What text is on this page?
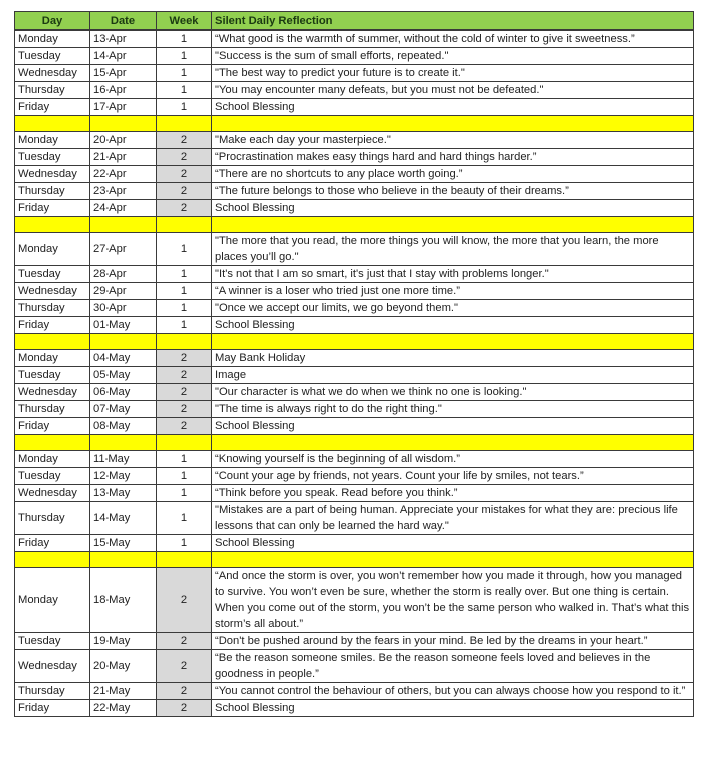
Day	Date	Week	Silent Daily Reflection
Monday	13-Apr	1	“What good is the warmth of summer, without the cold of winter to give it sweetness.”
Tuesday	14-Apr	1	"Success is the sum of small efforts, repeated."
Wednesday	15-Apr	1	"The best way to predict your future is to create it."
Thursday	16-Apr	1	"You may encounter many defeats, but you must not be defeated."
Friday	17-Apr	1	School Blessing

Monday	20-Apr	2	"Make each day your masterpiece."
Tuesday	21-Apr	2	“Procrastination makes easy things hard and hard things harder.”
Wednesday	22-Apr	2	“There are no shortcuts to any place worth going.”
Thursday	23-Apr	2	“The future belongs to those who believe in the beauty of their dreams.”
Friday	24-Apr	2	School Blessing

Monday	27-Apr	1	"The more that you read, the more things you will know, the more that you learn, the more places you’ll go."
Tuesday	28-Apr	1	"It's not that I am so smart, it's just that I stay with problems longer."
Wednesday	29-Apr	1	“A winner is a loser who tried just one more time.”
Thursday	30-Apr	1	"Once we accept our limits, we go beyond them."
Friday	01-May	1	School Blessing

Monday	04-May	2	May Bank Holiday
Tuesday	05-May	2	Image
Wednesday	06-May	2	"Our character is what we do when we think no one is looking."
Thursday	07-May	2	"The time is always right to do the right thing."
Friday	08-May	2	School Blessing

Monday	11-May	1	“Knowing yourself is the beginning of all wisdom.”
Tuesday	12-May	1	“Count your age by friends, not years. Count your life by smiles, not tears.”
Wednesday	13-May	1	“Think before you speak. Read before you think.”
Thursday	14-May	1	"Mistakes are a part of being human. Appreciate your mistakes for what they are: precious life lessons that can only be learned the hard way."
Friday	15-May	1	School Blessing

Monday	18-May	2	“And once the storm is over, you won’t remember how you made it through, how you managed to survive. You won’t even be sure, whether the storm is really over. But one thing is certain. When you come out of the storm, you won’t be the same person who walked in. That’s what this storm’s all about.”
Tuesday	19-May	2	“Don't be pushed around by the fears in your mind. Be led by the dreams in your heart.”
Wednesday	20-May	2	“Be the reason someone smiles. Be the reason someone feels loved and believes in the goodness in people.”
Thursday	21-May	2	“You cannot control the behaviour of others, but you can always choose how you respond to it.”
Friday	22-May	2	School Blessing
